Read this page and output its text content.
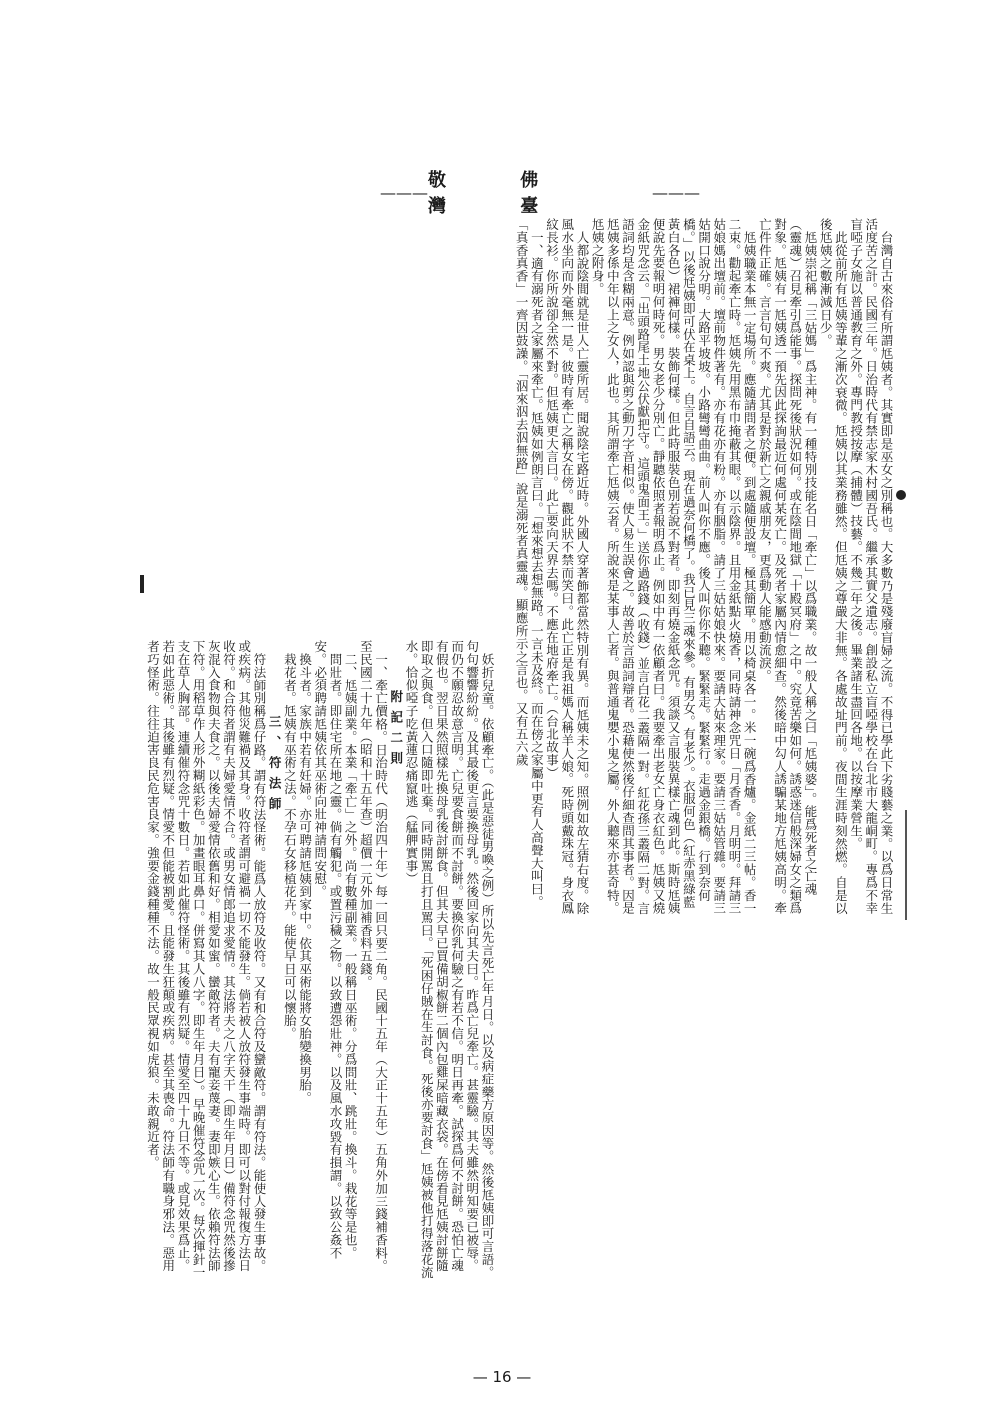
———
敬 佛 灣 臺
———

台灣自古來俗有所謂尪姨者。其實即是巫女之別稱也。大多數乃是殘廢盲婦之流。不得已學此下劣賤藝之業。以爲日常生活度苦之計。民國三年。日治時代有禁志家木村國吾氏。繼承其實父遺志。創設私立盲啞學校在台北市大龍峒町。專爲不幸盲啞子女施以普通教育之外。專門教授按摩（捕體）技藝。不幾二年之後。畢業諸生盡回各地。以按摩業營生。

此從前所有尪姨等輩之漸次衰微。尪姨以其業務雖然。但尪姨之尊嚴大非無。各處故址門前。夜間生涯時刻然燃。自是以後尪姨之數漸減日少。

尪姨崇祀稱「三姑媽」爲主神。有一種特別技能名日「牽亡」以爲職業。故一般人稱之曰「尪姨婆」。能爲死者之亡魂（靈魂）召見牽引爲能事。探問死後狀況如何。或在陰間地獄「十殿冥府」之中。究竟苦樂如何。誘惑迷信般深婦女之類爲對象。尪姨有一尪姨透一預先因此探詢最近何處何某死亡。及死者家屬內情愈細查。然後暗中勾人誘騙某地方尪姨高明。牽亡件件正確。言言句句不爽。尤其是對於新亡之親戚朋友，更爲動人能感動流淚。

尪姨職業本無一定場所。應隨請問者之便。到處隨便設壇。極其簡單。用以椅桌各一。米一碗爲香爐。金紙二三帖。香一二束。勸起牽亡時。尪姨先用黑布巾掩蔽其眼。以示陰界。且用金紙點火燒香，同時請神念咒日「月香香。月明明。拜請三姑娘媽出壇前。壇前物件著有。亦有花亦有粉。亦有胭脂。請了三姑姑娘快來。要請大姑來理家。要請三姑姑管雜。要請三姑開口說分明。大路平坡坡。小路彎彎曲曲。前人叫你不應。後人叫你你不聽。緊緊走。緊緊行。走過金銀橋。行到奈何橋。」以後尪姨即可伏在桌上。自言自語云。現在過奈何橋了。我已見三魂來參。有男女。有老少。衣服何色（紅赤黑綠藍黃白各色）裙褲何樣。裝飾何樣。但此時服裝色別若說不對者。即刻再燒金紙念咒。須談又言服裝異樣亡魂到此。斯時尪姨便說先要報明何時死。男女老少分別亡。靜聽依照者報明爲止。例如中有一依顧者曰。我要牽出老女亡身衣紅色。尪姨又燒金紙咒念云。「出頭路尾土地公伏獻把守。這頭鬼面王。」送你過路錢（收錢）並言白花二叢隔一對。紅花孫三叢隔二對。言語詞均是含糊兩意。例如認與剪之動刀字音相似。使人易生誤會之。故善於言語詞辯者。恐藉使然後仔細查問其事者。因是尪姨多係中年以上之女人，此也。其所謂牽亡尪姨云者。所說來是某事人亡者。與普通鬼嬰小鬼之屬。外人聽來亦甚奇特。尪姨之附身。

人都說陰間就是世人亡靈所居。聞說陰宅路近時。外國人穿著飾都當然特別有異。而尪姨未之知。照例如故左猜右度。除風水坐向而外毫無一是。彼時有牽亡之稱女在傍。觀此狀不禁而笑曰。此亡正是我祖媽人稱羊人娘。死時頭戴珠冠。身衣鳳紋長衫。你所說卻全然不對。但尪姨更大言曰。此亡要向天界去嗎。不應在地府牽亡。（台北故事）

一、適有溺死者之家屬來牽亡。尪姨如例朗言曰。「想來想去想無路。一言未及終。而在傍之家屬中更有人高聲大叫曰。「真香真香」一齊因鼓譟。「泅來泅去泅無路」說是溺死者真靈魂。顯應所示之言也。又有五六歲

妖折兒童。依顧牽亡。（此是惡徒男喚之例）所以先言死亡年月日。以及病症藥方原因等。然後尪姨即可言語。句句響響紛紛。及其最後更言要換母乳。然後回家向其夫曰。昨爲亡兒牽亡。甚靈驗。其夫雖然明知要已被辱。而仍不願忍故意言明。亡兒要食餅而不討餅。要換你乳何驗之有若不信。明日再牽。試探爲何不討餅。恐怕亡魂有假也。翌日果然照樣先換母乳後討餅食。但其夫早已買備胡椒餅二個內包雞屎暗藏衣袋。在傍看見尪姨討餅隨即取之與食。但入口隨即吐棄。同時開罵且打且罵曰。「死困仔賊在生討食。死後亦要討食」尪姨被他打得落花流水。恰似啞子吃黃蓮忍痛竄逃（艋舺實事）

附記二則

一、牽亡價格。日治時代（明治四十年）每一回只要二角。民國十五年（大正十五年）五角外加三錢補香料。至民國二十九年（昭和十五年查）超價一元外加補香料五錢。

二、尪姨副業。本業「牽亡」之外。尚有數種副業。一般稱日巫術。分爲問壯、跳壯。換斗。栽花等是也。

問壯者。即住宅所在地之靈。倘有觸犯。或置污穢之物。以致遭怨壯神。以及風水攻毀有損謂。以致公姦不安。必須聘請尪姨依其巫術向壯神請問安慰。

換斗者。家族中若有妊婦。亦可聘請尪姨到家中。依其巫術能將女胎變換男胎。

栽花者。尪姨有巫術之法。不孕石女移植花卉。能使早日可以懷胎。

三、符法師

符法師別稱爲仔路。謂有符法怪術。能爲人放符及收符。又有和合符及蠻敵符。謂有符法。能使人發生事故。或疾病。其他災難禍及其身。收符者謂可避禍一切不能發生。倘若被人放符發生事端時。即可以對付報復方法日收符。和合符者謂有夫婦愛情不合。或男女情郎追求愛情。其法將夫之八字天干（即生年月日）備符念咒然後摻灰混入食物與夫食之。以後夫婦愛情依舊和好。相愛如蜜。蠻敵符者。夫有寵妾蔑妻。妻即嫉心生。依賴符法師下符。用稻草作人形外糊紙彩色。加畫眼耳鼻口。併寫其人八字。即生年月日）。早晚催符念咒一次。每次揮針一支在草人胸部。連續催符念咒十數日。若如此催符怪術。其後雖有烈疑。情愛至四十九日不等。或見效果爲止。若如此惡術。其後雖有烈疑。情愛不但能被割愛。且能發生狂顛或疾病。甚至其喪命。符法師有職身邪法。惡用者巧怪術。往往迫害良民危害良家。強要金錢種種不法。故一般民眾視如虎狼。未敢親近者。

— 16 —
